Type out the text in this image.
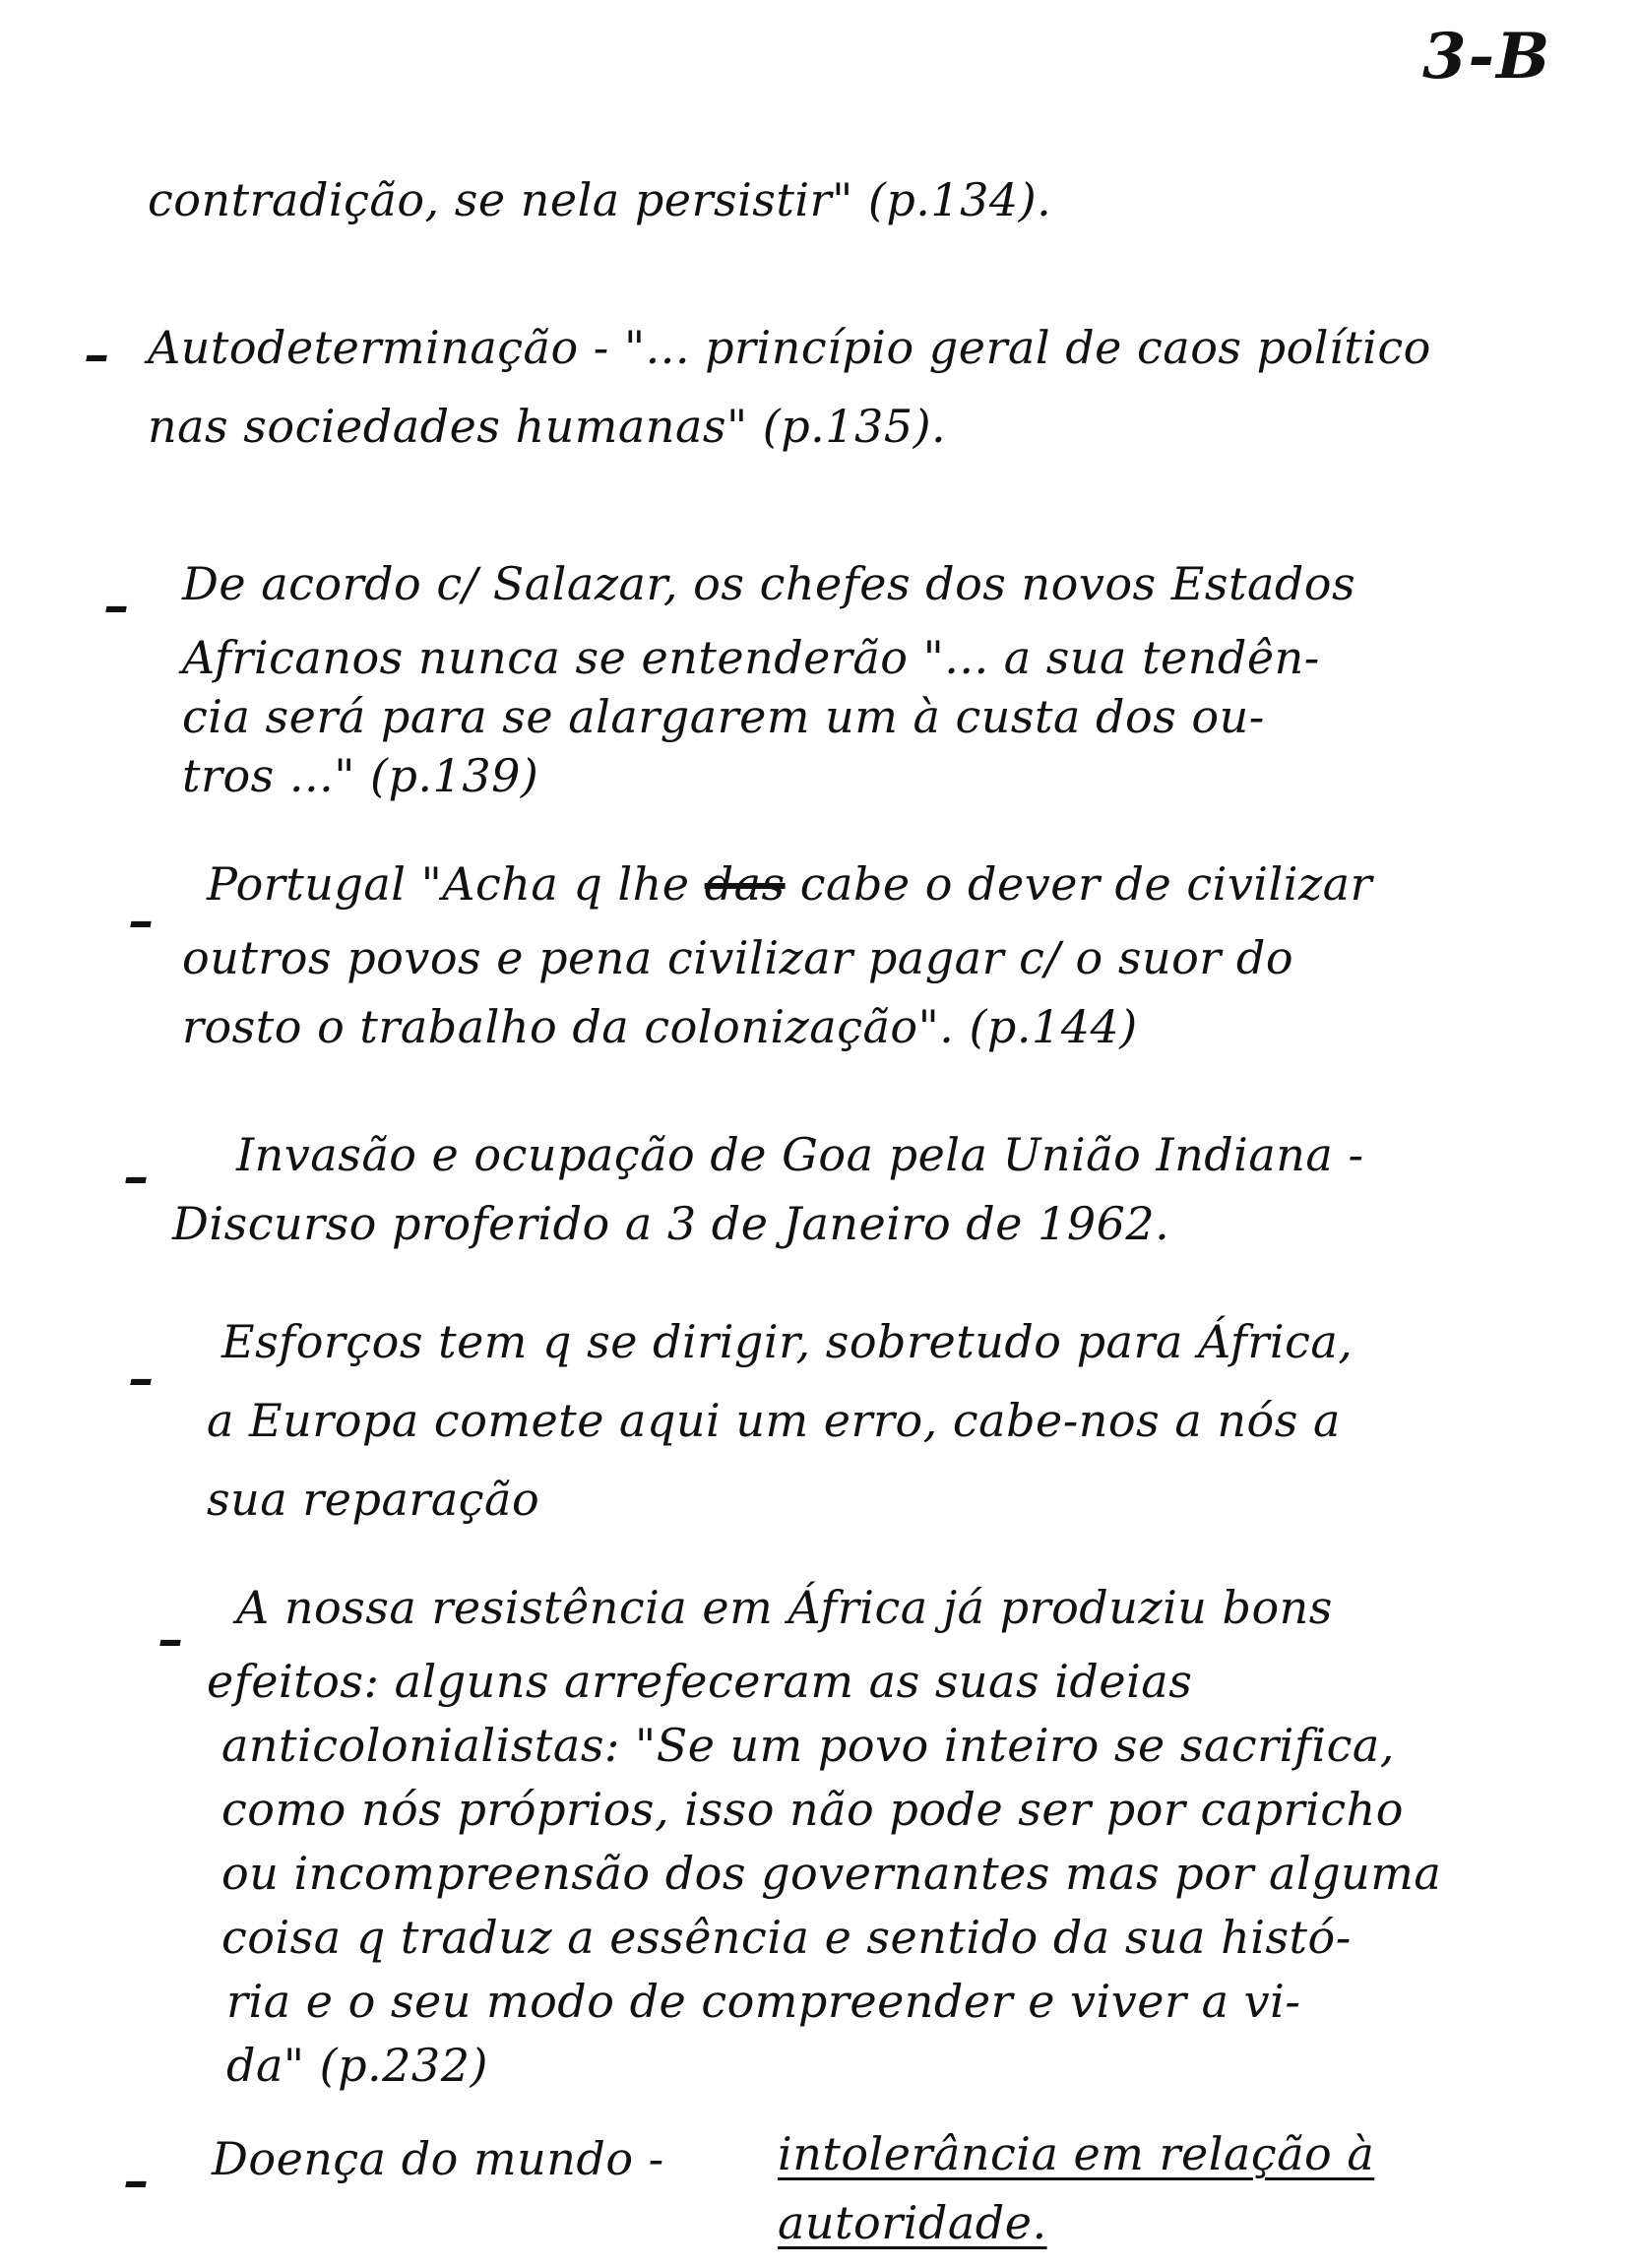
3-B
contradição, se nela persistir" (p.134).
– Autodeterminação - "... princípio geral de caos político
nas sociedades humanas" (p.135).
– De acordo c/ Salazar, os chefes dos novos Estados
Africanos nunca se entenderão "... a sua tendên-
cia será para se alargarem um à custa dos ou-
tros ..." (p.139)
–
Portugal "Acha q lhe das cabe o dever de civilizar
outros povos e pena civilizar pagar c/ o suor do
rosto o trabalho da colonização". (p.144)
– Invasão e ocupação de Goa pela União Indiana -
Discurso proferido a 3 de Janeiro de 1962.
–
Esforços tem q se dirigir, sobretudo para África,
a Europa comete aqui um erro, cabe-nos a nós a
sua reparação
–
A nossa resistência em África já produziu bons
efeitos: alguns arrefeceram as suas ideias
anticolonialistas: "Se um povo inteiro se sacrifica,
como nós próprios, isso não pode ser por capricho
ou incompreensão dos governantes mas por alguma
coisa q traduz a essência e sentido da sua histó-
ria e o seu modo de compreender e viver a vi-
da" (p.232)
– Doença do mundo -	intolerância em relação à
autoridade.
